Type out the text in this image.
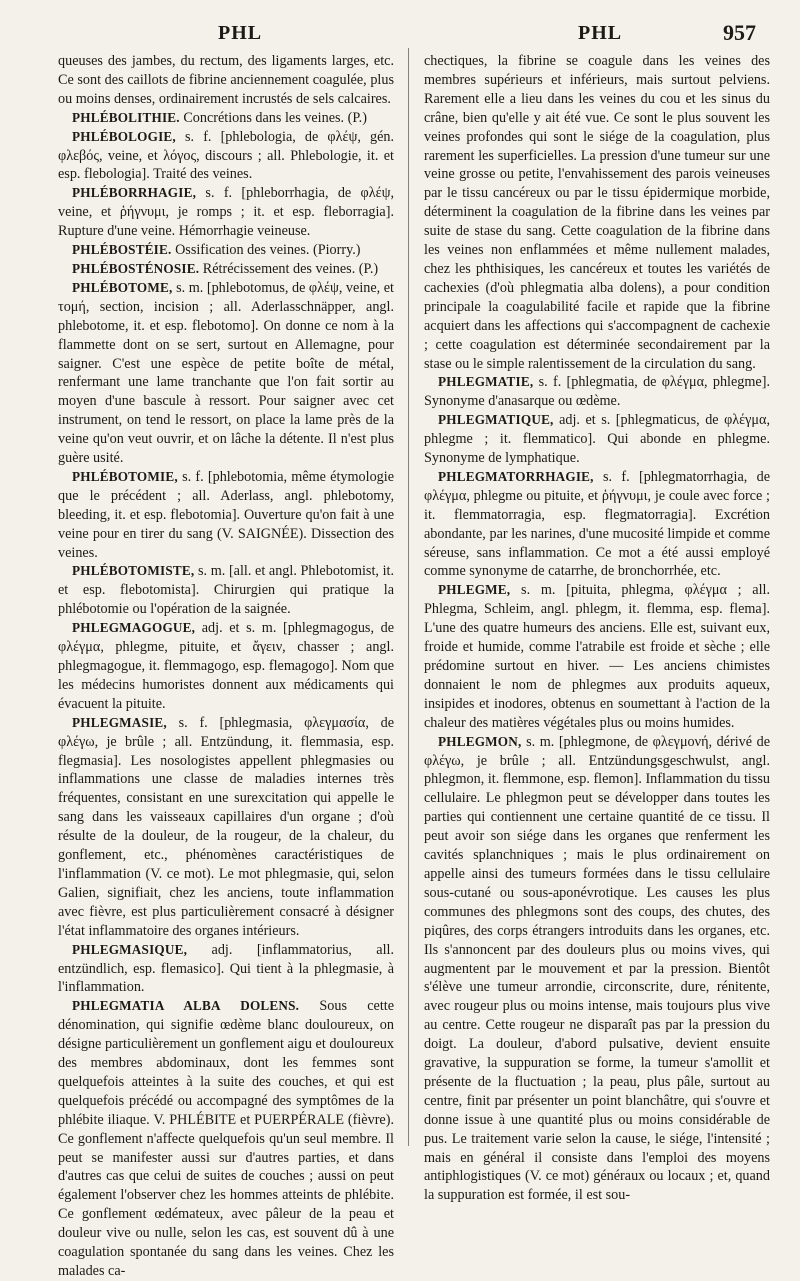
PHL	PHL	957

queuses des jambes, du rectum, des ligaments larges, etc. Ce sont des caillots de fibrine anciennement coagulée, plus ou moins denses, ordinairement incrustés de sels calcaires.

PHLÉBOLITHIE. Concrétions dans les veines. (P.)

PHLÉBOLOGIE, s. f. [phlebologia, de φλέψ, gén. φλεβός, veine, et λόγος, discours ; all. Phlebologie, it. et esp. flebologia]. Traité des veines.

PHLÉBORRHAGIE, s. f. [phleborrhagia, de φλέψ, veine, et ῥήγνυμι, je romps ; it. et esp. fleborragia]. Rupture d'une veine. Hémorrhagie veineuse.

PHLÉBOSTÉIE. Ossification des veines. (Piorry.)

PHLÉBOSTÉNOSIE. Rétrécissement des veines. (P.)

PHLÉBOTOME, s. m. [phlebotomus, de φλέψ, veine, et τομή, section, incision ; all. Aderlasschnäpper, angl. phlebotome, it. et esp. flebotomo]. On donne ce nom à la flammette dont on se sert, surtout en Allemagne, pour saigner. C'est une espèce de petite boîte de métal, renfermant une lame tranchante que l'on fait sortir au moyen d'une bascule à ressort. Pour saigner avec cet instrument, on tend le ressort, on place la lame près de la veine qu'on veut ouvrir, et on lâche la détente. Il n'est plus guère usité.

PHLÉBOTOMIE, s. f. [phlebotomia, même étymologie que le précédent ; all. Aderlass, angl. phlebotomy, bleeding, it. et esp. flebotomia]. Ouverture qu'on fait à une veine pour en tirer du sang (V. SAIGNÉE). Dissection des veines.

PHLÉBOTOMISTE, s. m. [all. et angl. Phlebotomist, it. et esp. flebotomista]. Chirurgien qui pratique la phlébotomie ou l'opération de la saignée.

PHLEGMAGOGUE, adj. et s. m. [phlegmagogus, de φλέγμα, phlegme, pituite, et ἄγειν, chasser ; angl. phlegmagogue, it. flemmagogo, esp. flemagogo]. Nom que les médecins humoristes donnent aux médicaments qui évacuent la pituite.

PHLEGMASIE, s. f. [phlegmasia, φλεγμασία, de φλέγω, je brûle ; all. Entzündung, it. flemmasia, esp. flegmasia]. Les nosologistes appellent phlegmasies ou inflammations une classe de maladies internes très fréquentes, consistant en une surexcitation qui appelle le sang dans les vaisseaux capillaires d'un organe ; d'où résulte de la douleur, de la rougeur, de la chaleur, du gonflement, etc., phénomènes caractéristiques de l'inflammation (V. ce mot). Le mot phlegmasie, qui, selon Galien, signifiait, chez les anciens, toute inflammation avec fièvre, est plus particulièrement consacré à désigner l'état inflammatoire des organes intérieurs.

PHLEGMASIQUE, adj. [inflammatorius, all. entzündlich, esp. flemasico]. Qui tient à la phlegmasie, à l'inflammation.

PHLEGMATIA ALBA DOLENS. Sous cette dénomination, qui signifie œdème blanc douloureux, on désigne particulièrement un gonflement aigu et douloureux des membres abdominaux, dont les femmes sont quelquefois atteintes à la suite des couches, et qui est quelquefois précédé ou accompagné des symptômes de la phlébite iliaque. V. PHLÉBITE et PUERPÉRALE (fièvre). Ce gonflement n'affecte quelquefois qu'un seul membre. Il peut se manifester aussi sur d'autres parties, et dans d'autres cas que celui de suites de couches ; aussi on peut également l'observer chez les hommes atteints de phlébite. Ce gonflement œdémateux, avec pâleur de la peau et douleur vive ou nulle, selon les cas, est souvent dû à une coagulation spontanée du sang dans les veines. Chez les malades ca-

chectiques, la fibrine se coagule dans les veines des membres supérieurs et inférieurs, mais surtout pelviens. Rarement elle a lieu dans les veines du cou et les sinus du crâne, bien qu'elle y ait été vue. Ce sont le plus souvent les veines profondes qui sont le siége de la coagulation, plus rarement les superficielles. La pression d'une tumeur sur une veine grosse ou petite, l'envahissement des parois veineuses par le tissu cancéreux ou par le tissu épidermique morbide, déterminent la coagulation de la fibrine dans les veines par suite de stase du sang. Cette coagulation de la fibrine dans les veines non enflammées et même nullement malades, chez les phthisiques, les cancéreux et toutes les variétés de cachexies (d'où phlegmatia alba dolens), a pour condition principale la coagulabilité facile et rapide que la fibrine acquiert dans les affections qui s'accompagnent de cachexie ; cette coagulation est déterminée secondairement par la stase ou le simple ralentissement de la circulation du sang.

PHLEGMATIE, s. f. [phlegmatia, de φλέγμα, phlegme]. Synonyme d'anasarque ou œdème.

PHLEGMATIQUE, adj. et s. [phlegmaticus, de φλέγμα, phlegme ; it. flemmatico]. Qui abonde en phlegme. Synonyme de lymphatique.

PHLEGMATORRHAGIE, s. f. [phlegmatorrhagia, de φλέγμα, phlegme ou pituite, et ῥήγνυμι, je coule avec force ; it. flemmatorragia, esp. flegmatorragia]. Excrétion abondante, par les narines, d'une mucosité limpide et comme séreuse, sans inflammation. Ce mot a été aussi employé comme synonyme de catarrhe, de bronchorrhée, etc.

PHLEGME, s. m. [pituita, phlegma, φλέγμα ; all. Phlegma, Schleim, angl. phlegm, it. flemma, esp. flema]. L'une des quatre humeurs des anciens. Elle est, suivant eux, froide et humide, comme l'atrabile est froide et sèche ; elle prédomine surtout en hiver. — Les anciens chimistes donnaient le nom de phlegmes aux produits aqueux, insipides et inodores, obtenus en soumettant à l'action de la chaleur des matières végétales plus ou moins humides.

PHLEGMON, s. m. [phlegmone, de φλεγμονή, dérivé de φλέγω, je brûle ; all. Entzündungsgeschwulst, angl. phlegmon, it. flemmone, esp. flemon]. Inflammation du tissu cellulaire. Le phlegmon peut se développer dans toutes les parties qui contiennent une certaine quantité de ce tissu. Il peut avoir son siége dans les organes que renferment les cavités splanchniques ; mais le plus ordinairement on appelle ainsi des tumeurs formées dans le tissu cellulaire sous-cutané ou sous-aponévrotique. Les causes les plus communes des phlegmons sont des coups, des chutes, des piqûres, des corps étrangers introduits dans les organes, etc. Ils s'annoncent par des douleurs plus ou moins vives, qui augmentent par le mouvement et par la pression. Bientôt s'élève une tumeur arrondie, circonscrite, dure, rénitente, avec rougeur plus ou moins intense, mais toujours plus vive au centre. Cette rougeur ne disparaît pas par la pression du doigt. La douleur, d'abord pulsative, devient ensuite gravative, la suppuration se forme, la tumeur s'amollit et présente de la fluctuation ; la peau, plus pâle, surtout au centre, finit par présenter un point blanchâtre, qui s'ouvre et donne issue à une quantité plus ou moins considérable de pus. Le traitement varie selon la cause, le siége, l'intensité ; mais en général il consiste dans l'emploi des moyens antiphlogistiques (V. ce mot) généraux ou locaux ; et, quand la suppuration est formée, il est sou-
